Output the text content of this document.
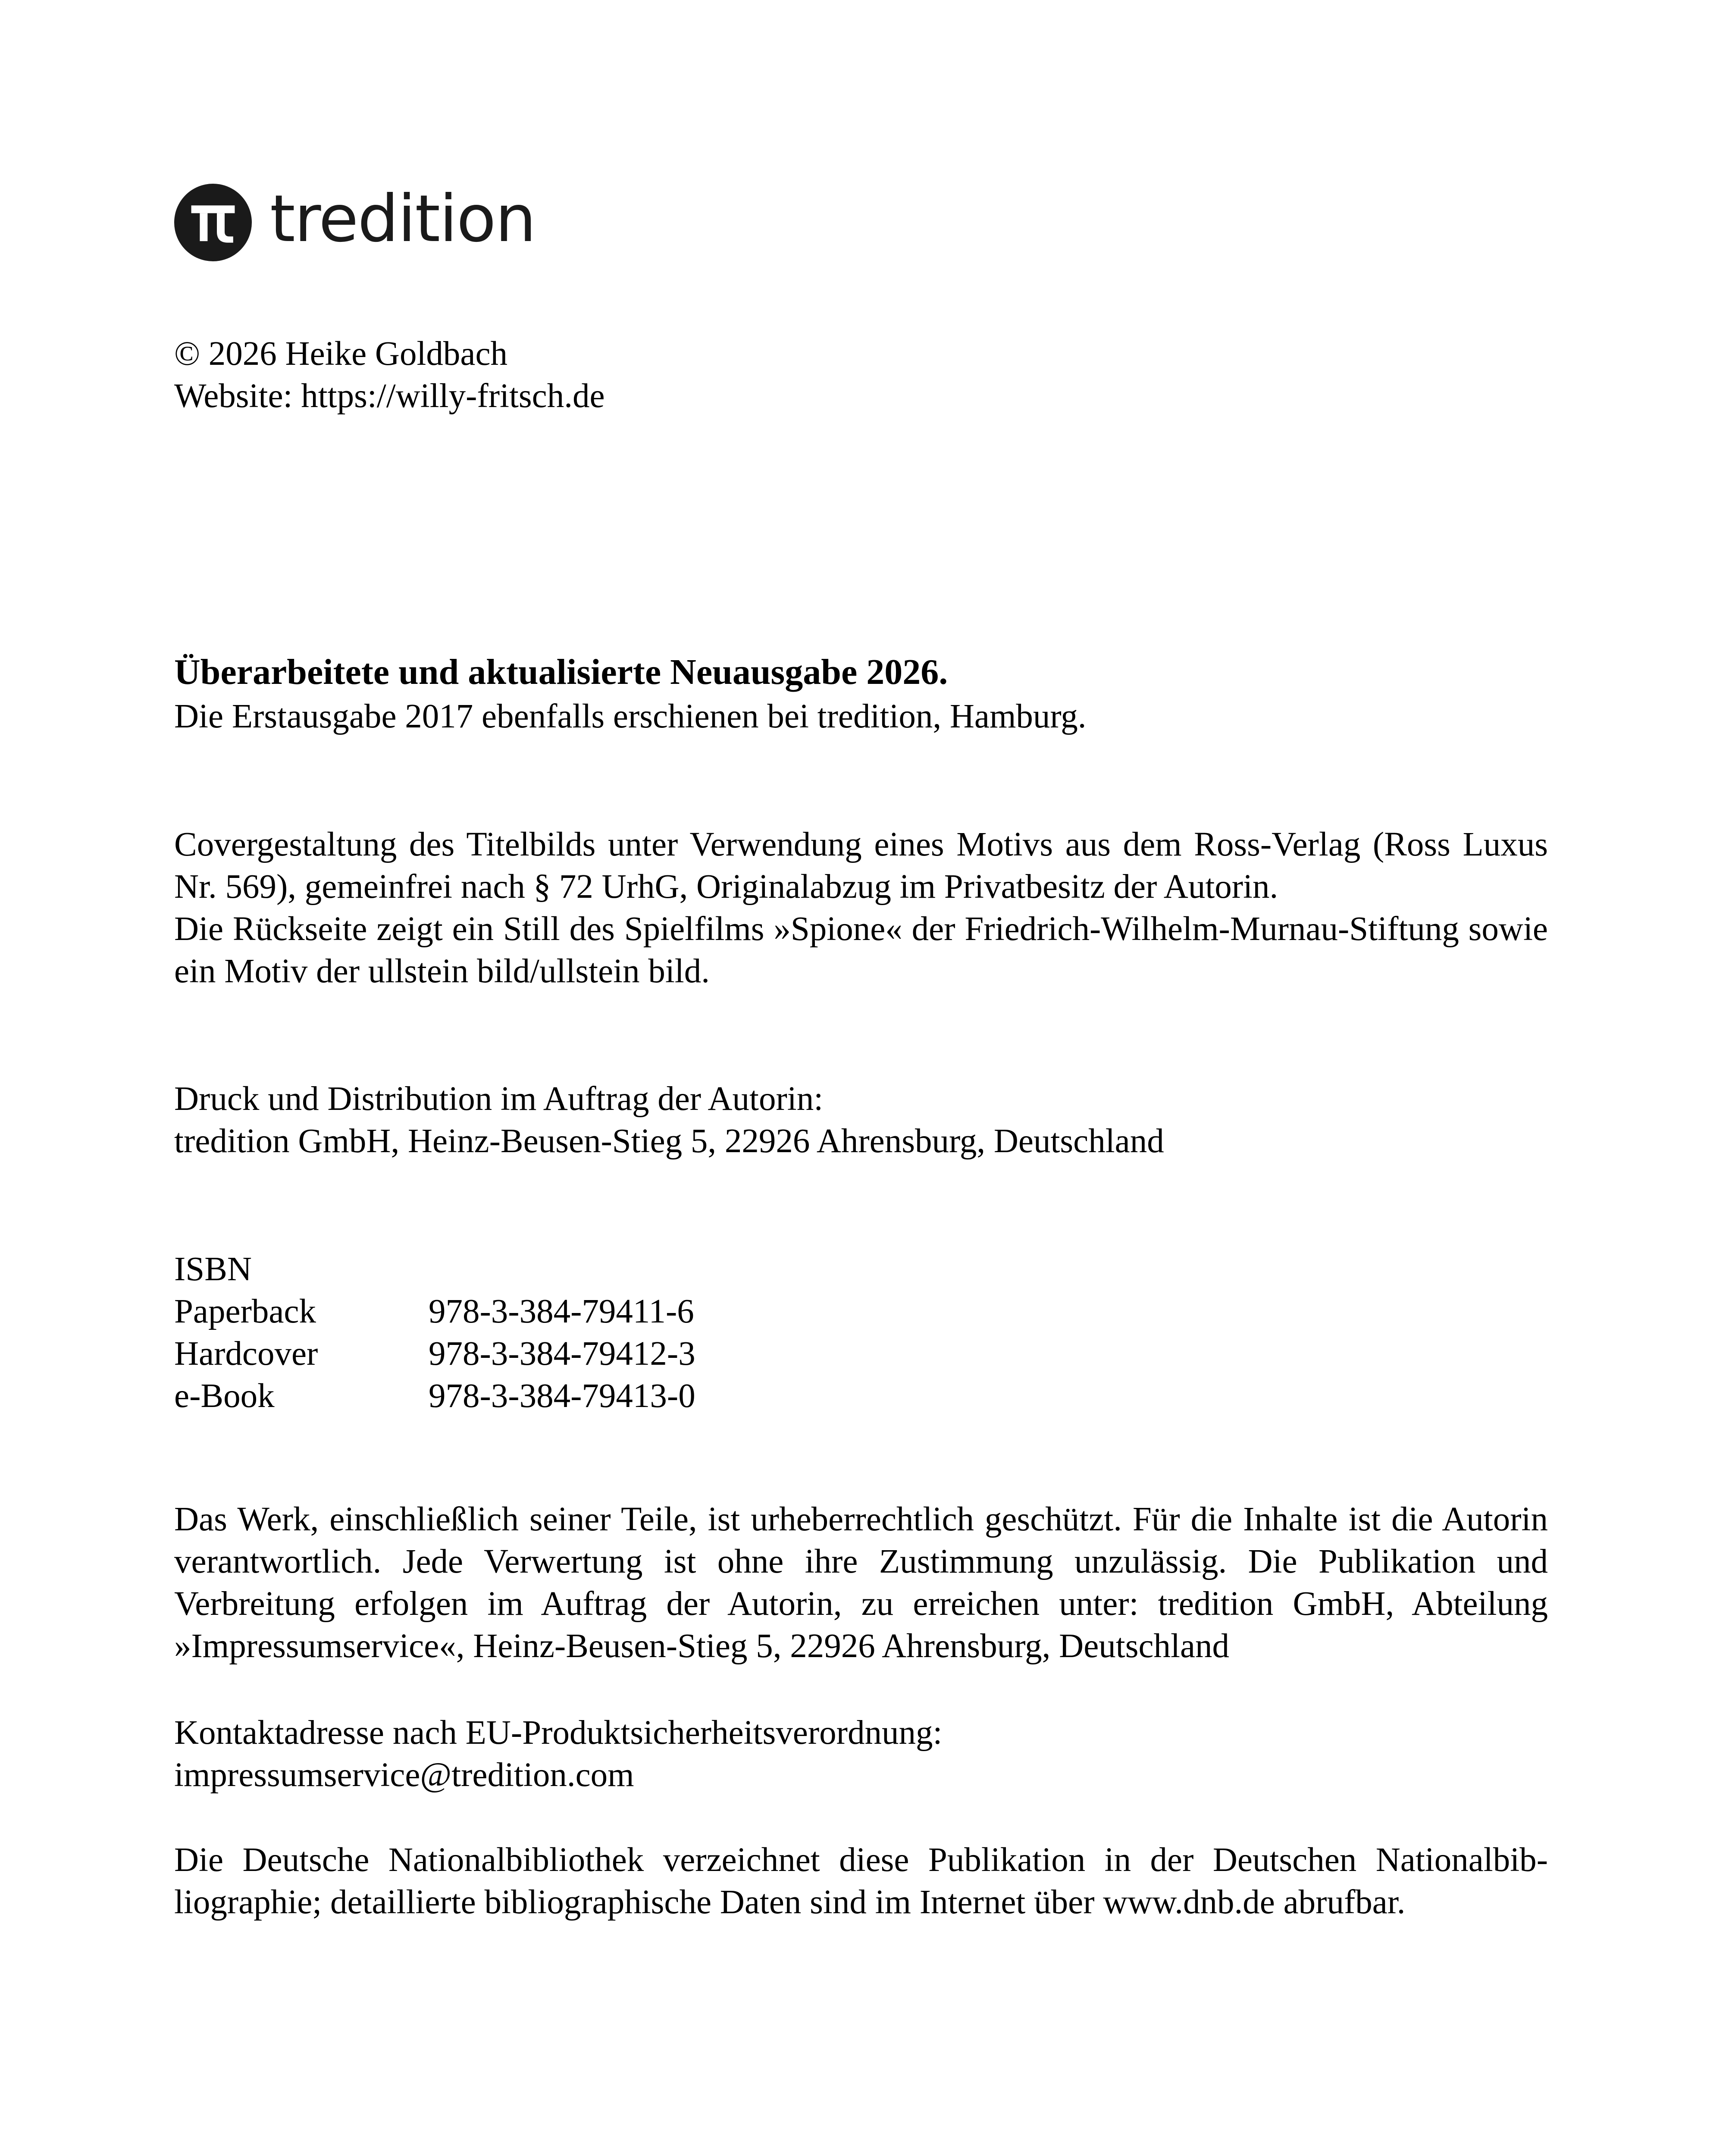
tredition

© 2026 Heike Goldbach

Website: https://willy-fritsch.de

Überarbeitete und aktualisierte Neuausgabe 2026.

Die Erstausgabe 2017 ebenfalls erschienen bei tredition, Hamburg.

Covergestaltung des Titelbilds unter Verwendung eines Motivs aus dem Ross-Verlag (Ross Luxus Nr. 569), gemeinfrei nach § 72 UrhG, Originalabzug im Privatbesitz der Autorin.

Die Rückseite zeigt ein Still des Spielfilms »Spione« der Friedrich-Wilhelm-Murnau-Stiftung sowie ein Motiv der ullstein bild/ullstein bild.

Druck und Distribution im Auftrag der Autorin:

tredition GmbH, Heinz-Beusen-Stieg 5, 22926 Ahrensburg, Deutschland

ISBN

Paperback	978-3-384-79411-6
Hardcover	978-3-384-79412-3
e-Book	978-3-384-79413-0

Das Werk, einschließlich seiner Teile, ist urheberrechtlich geschützt. Für die Inhalte ist die Autorin verantwortlich. Jede Verwertung ist ohne ihre Zustimmung unzulässig. Die Publikation und Verbreitung erfolgen im Auftrag der Autorin, zu erreichen unter: tredition GmbH, Abteilung »Impressumservice«, Heinz-Beusen-Stieg 5, 22926 Ahrensburg, Deutschland

Kontaktadresse nach EU-Produktsicherheitsverordnung:

impressumservice@tredition.com

Die Deutsche Nationalbibliothek verzeichnet diese Publikation in der Deutschen Nationalbibliographie; detaillierte bibliographische Daten sind im Internet über www.dnb.de abrufbar.
